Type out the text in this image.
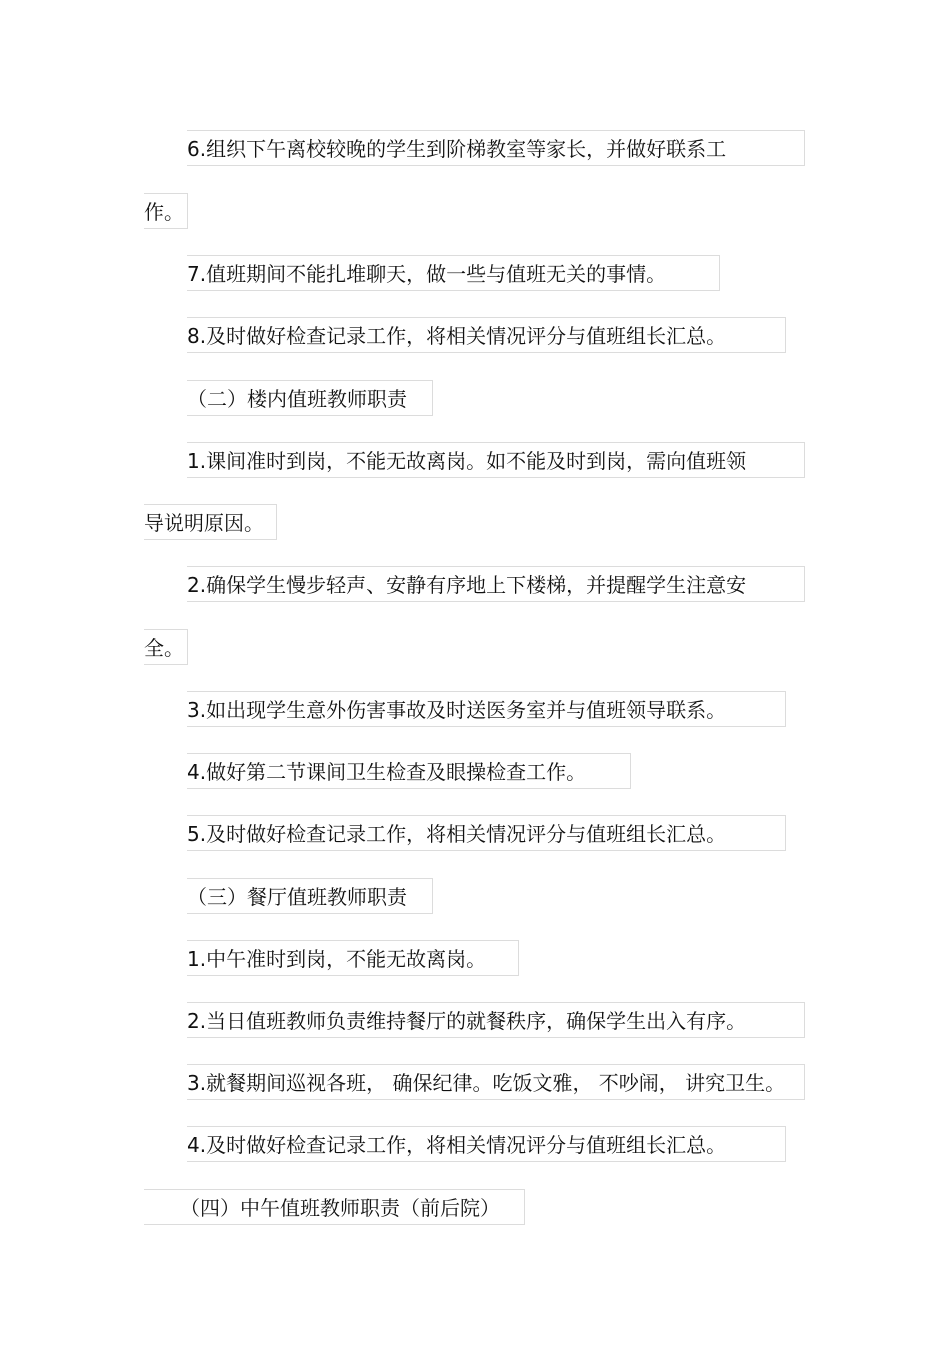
6.组织下午离校较晚的学生到阶梯教室等家长，并做好联系工
作。
7.值班期间不能扎堆聊天，做一些与值班无关的事情。
8.及时做好检查记录工作，将相关情况评分与值班组长汇总。
（二）楼内值班教师职责
1.课间准时到岗，不能无故离岗。如不能及时到岗，需向值班领
导说明原因。
2.确保学生慢步轻声、安静有序地上下楼梯，并提醒学生注意安
全。
3.如出现学生意外伤害事故及时送医务室并与值班领导联系。
4.做好第二节课间卫生检查及眼操检查工作。
5.及时做好检查记录工作，将相关情况评分与值班组长汇总。
（三）餐厅值班教师职责
1.中午准时到岗，不能无故离岗。
2.当日值班教师负责维持餐厅的就餐秩序，确保学生出入有序。
3.就餐期间巡视各班， 确保纪律。吃饭文雅， 不吵闹， 讲究卫生。
4.及时做好检查记录工作，将相关情况评分与值班组长汇总。
（四）中午值班教师职责（前后院）
